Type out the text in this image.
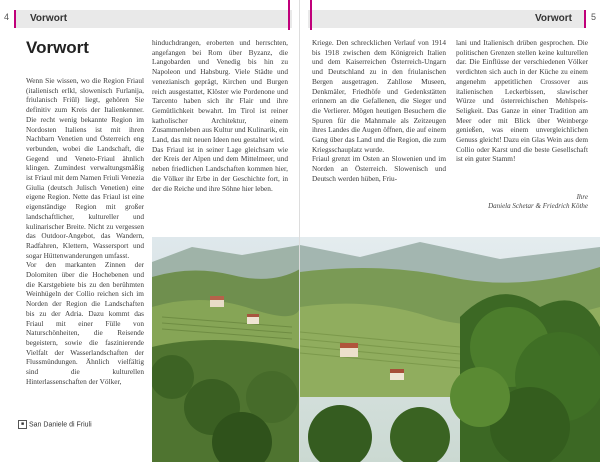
4 Vorwort
Vorwort

Wenn Sie wissen, wo die Region Friaul (italienisch erlkl, slowenisch Furlanija, friulanisch Friûl) liegt, gehören Sie definitiv zum Kreis der Italienkenner. Die recht wenig bekannte Region im Nordosten Italiens ist mit ihren Nachbarn Venetien und Österreich eng verbunden, wobei die Landschaft, die Gegend und Veneto-Friaul ähnlich klingen. Zumindest verwaltungsmäßig ist Friaul mit dem Namen Friuli Venezia Giulia (deutsch Julisch Venetien) eine eigene Region. Nette das Friaul ist eine eigenständige Region mit großer landschaftlicher, kultureller und kulinarischer Breite. Nicht zu vergessen das Outdoor-Angebot, das Wandern, Radfahren, Klettern, Wassersport und sogar Hüttenwanderungen umfasst.

Vor den markanten Zinnen der Dolomiten über die Hochebenen und die Karstgebiete bis zu den berühmten Weinhügeln der Collio reichen sich im Norden der Region die Landschaften bis zu der Adria. Dazu kommt das Friaul mit einer Fülle von Naturschönheiten, die Reisende begeistern, sowie die faszinierende Vielfalt der Wasserlandschaften der Flussmündungen. Ähnlich vielfältig sind die kulturellen Hinterlassenschaften der Völker,

hinduchdrangen, eroberten und herrschten, angefangen bei Rom über Byzanz, die Langobarden und Venedig bis hin zu Napoleon und Habsburg. Viele Städte und venezianisch geprägt, Kirchen und Burgen reich ausgestattet, Klöster wie Pordenone und Tarcento haben sich ihr Flair und ihre Gemütlichkeit bewahrt. Im Tirol ist reiner katholischer Architektur, einem Zusammenleben aus Kultur und Kulinarik, ein Land, das mit neuen Ideen neu gestaltet wird.

Das Friaul ist in seiner Lage gleichsam wie der Kreis der Alpen und dem Mittelmeer, und neben friedlichen Landschaften kommen hier, die Völker ihr Erbe in der Geschichte fort, in der die Reiche und ihre Söhne hier leben.

■ San Daniele di Friuli
5
Vorwort

Kriege. Den schrecklichen Verlauf von 1914 bis 1918 zwischen dem Königreich Italien und dem Kaiserreichen Österreich-Ungarn und Deutschland zu in den friulanischen Bergen ausgetragen. Zahllose Museen, Denkmäler, Friedhöfe und Gedenkstätten erinnern an die Gefallenen, die Sieger und die Verlierer. Mögen heutigen Besuchern die Spuren für die Mahnmale als Zeitzeugen ihres Landes die Augen öffnen, die auf einem Gang über das Land und die Region, die zum Kriegsschauplatz wurde.

Friaul grenzt im Osten an Slowenien und im Norden an Österreich. Slowenisch und Deutsch werden hüben, Friu-

lani und Italienisch drüben gesprochen. Die politischen Grenzen stellen keine kulturellen dar. Die Einflüsse der verschiedenen Völker verdichten sich auch in der Küche zu einem angenehm appetitlichen Crossover aus italienischen Leckerbissen, slawischer Würze und österreichischen Mehlspeis-Seligkeit. Das Ganze in einer Tradition am Meer oder mit Blick über Weinberge genießen, was einem unvergleichlichen Genuss gleicht! Dazu ein Glas Wein aus dem Collio oder Karst und die beste Gesellschaft ist ein guter Stamm!

Ihre
Daniela Schetar & Friedrich Köthe
